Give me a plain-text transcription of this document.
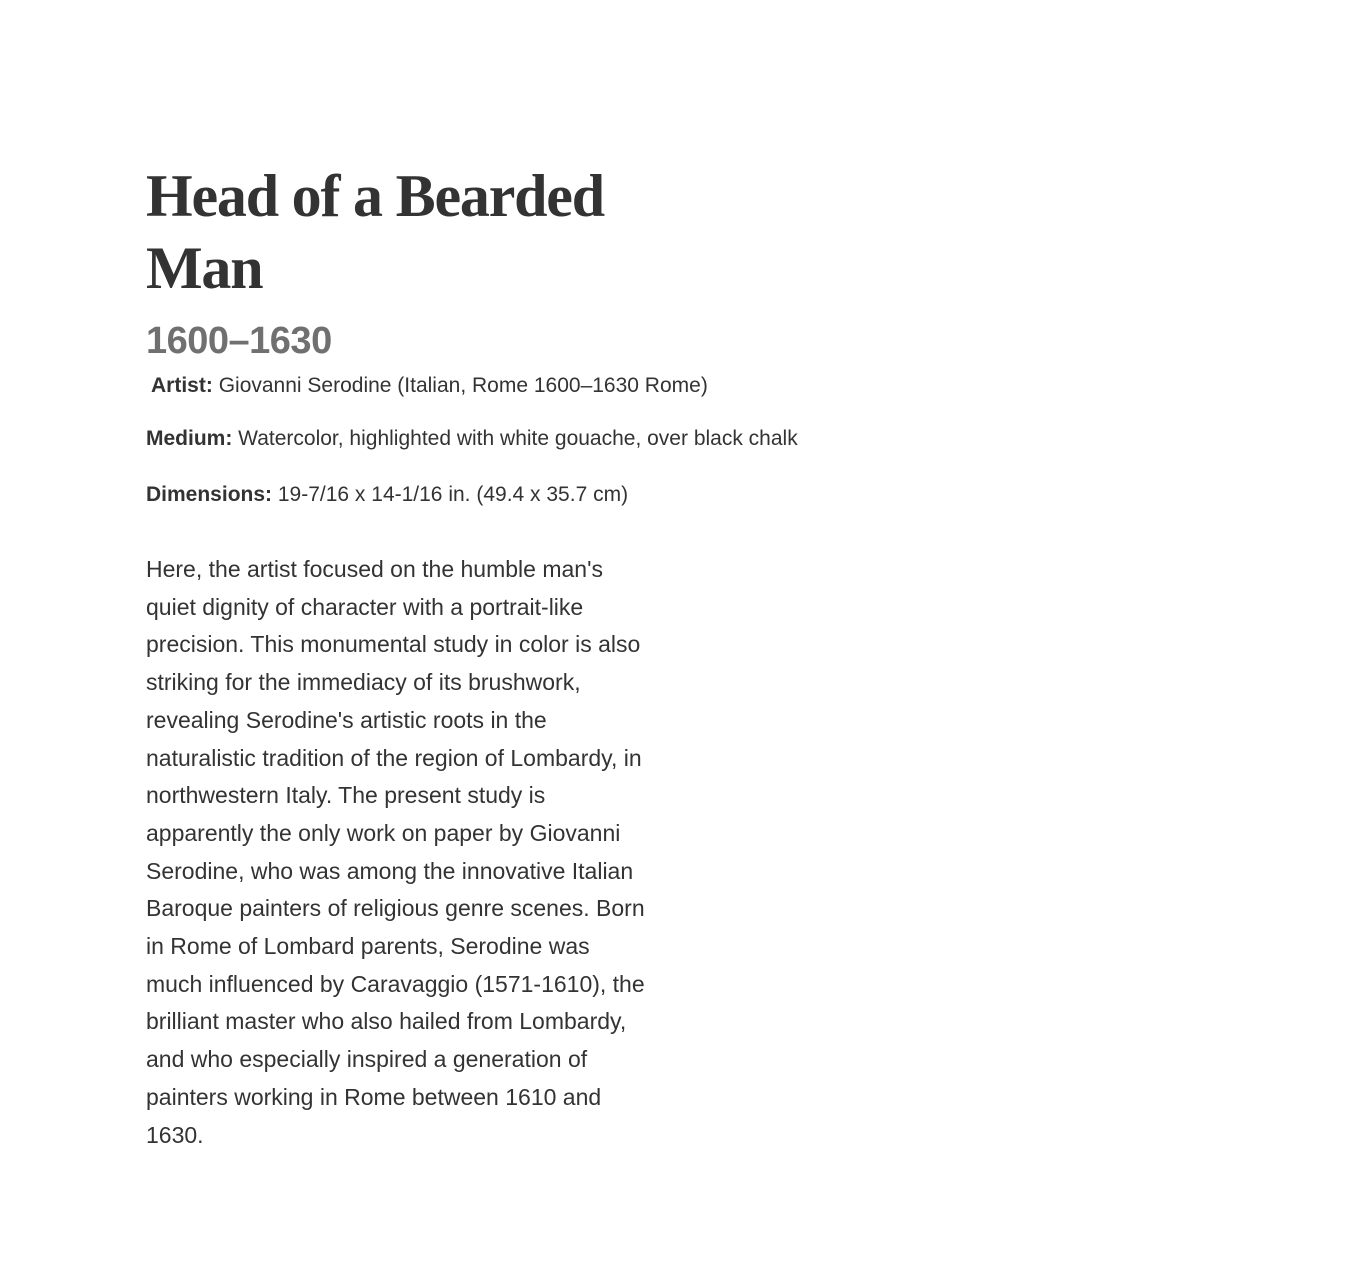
Head of a Bearded Man
1600–1630
Artist: Giovanni Serodine (Italian, Rome 1600–1630 Rome)
Medium: Watercolor, highlighted with white gouache, over black chalk
Dimensions: 19-7/16 x 14-1/16 in. (49.4 x 35.7 cm)

Here, the artist focused on the humble man's quiet dignity of character with a portrait-like precision. This monumental study in color is also striking for the immediacy of its brushwork, revealing Serodine's artistic roots in the naturalistic tradition of the region of Lombardy, in northwestern Italy. The present study is apparently the only work on paper by Giovanni Serodine, who was among the innovative Italian Baroque painters of religious genre scenes. Born in Rome of Lombard parents, Serodine was much influenced by Caravaggio (1571-1610), the brilliant master who also hailed from Lombardy, and who especially inspired a generation of painters working in Rome between 1610 and 1630.
